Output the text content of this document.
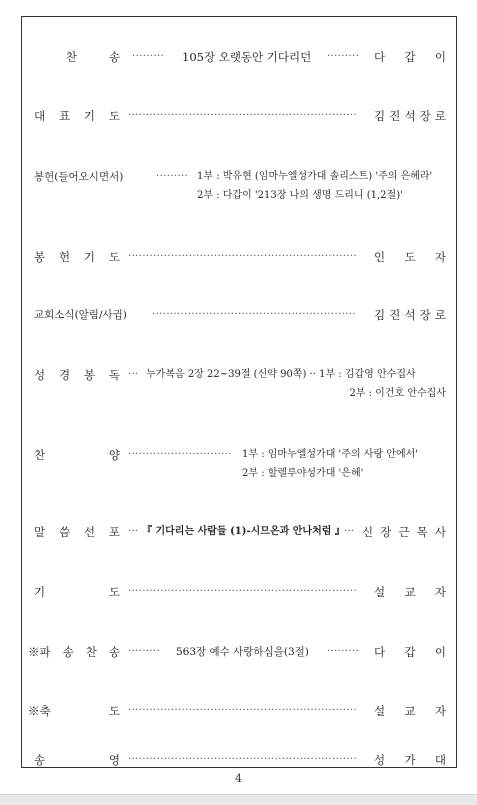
찬	송 ·········	105장 오랫동안 기다리던 ·········	다 갑 이
대 표 기 도 ································································	김 진 석 장 로
봉헌(들어오시면서)	········· 1부 : 박유현 (임마누엘성가대 솔리스트) '주의 은혜라'
2부 : 다갑이 '213장 나의 생명 드리니 (1,2절)'
봉 헌 기 도 ································································	인 도 자
교회소식(알림/사귐)	·························································	김 진 석 장 로
성 경 봉 독 ··· 누가복음 2장 22~39절 (신약 90쪽) ·· 1부 : 김갑영 안수집사
2부 : 이건호 안수집사
찬	양 ·····························	1부 : 임마누엘성가대 '주의 사랑 안에서'
2부 : 할렐루야성가대 '은혜'
말 씀 선 포 ··· 『 기다리는 사람들 (1)-시므온과 안나처럼 』 ··· 신 장 근 목 사
기	도 ································································	설 교 자
※파 송 찬 송 ·········	563장 예수 사랑하심을(3절) ·········	다 갑 이
※축	도 ································································	설 교 자
송	영 ································································	성 가 대
4
